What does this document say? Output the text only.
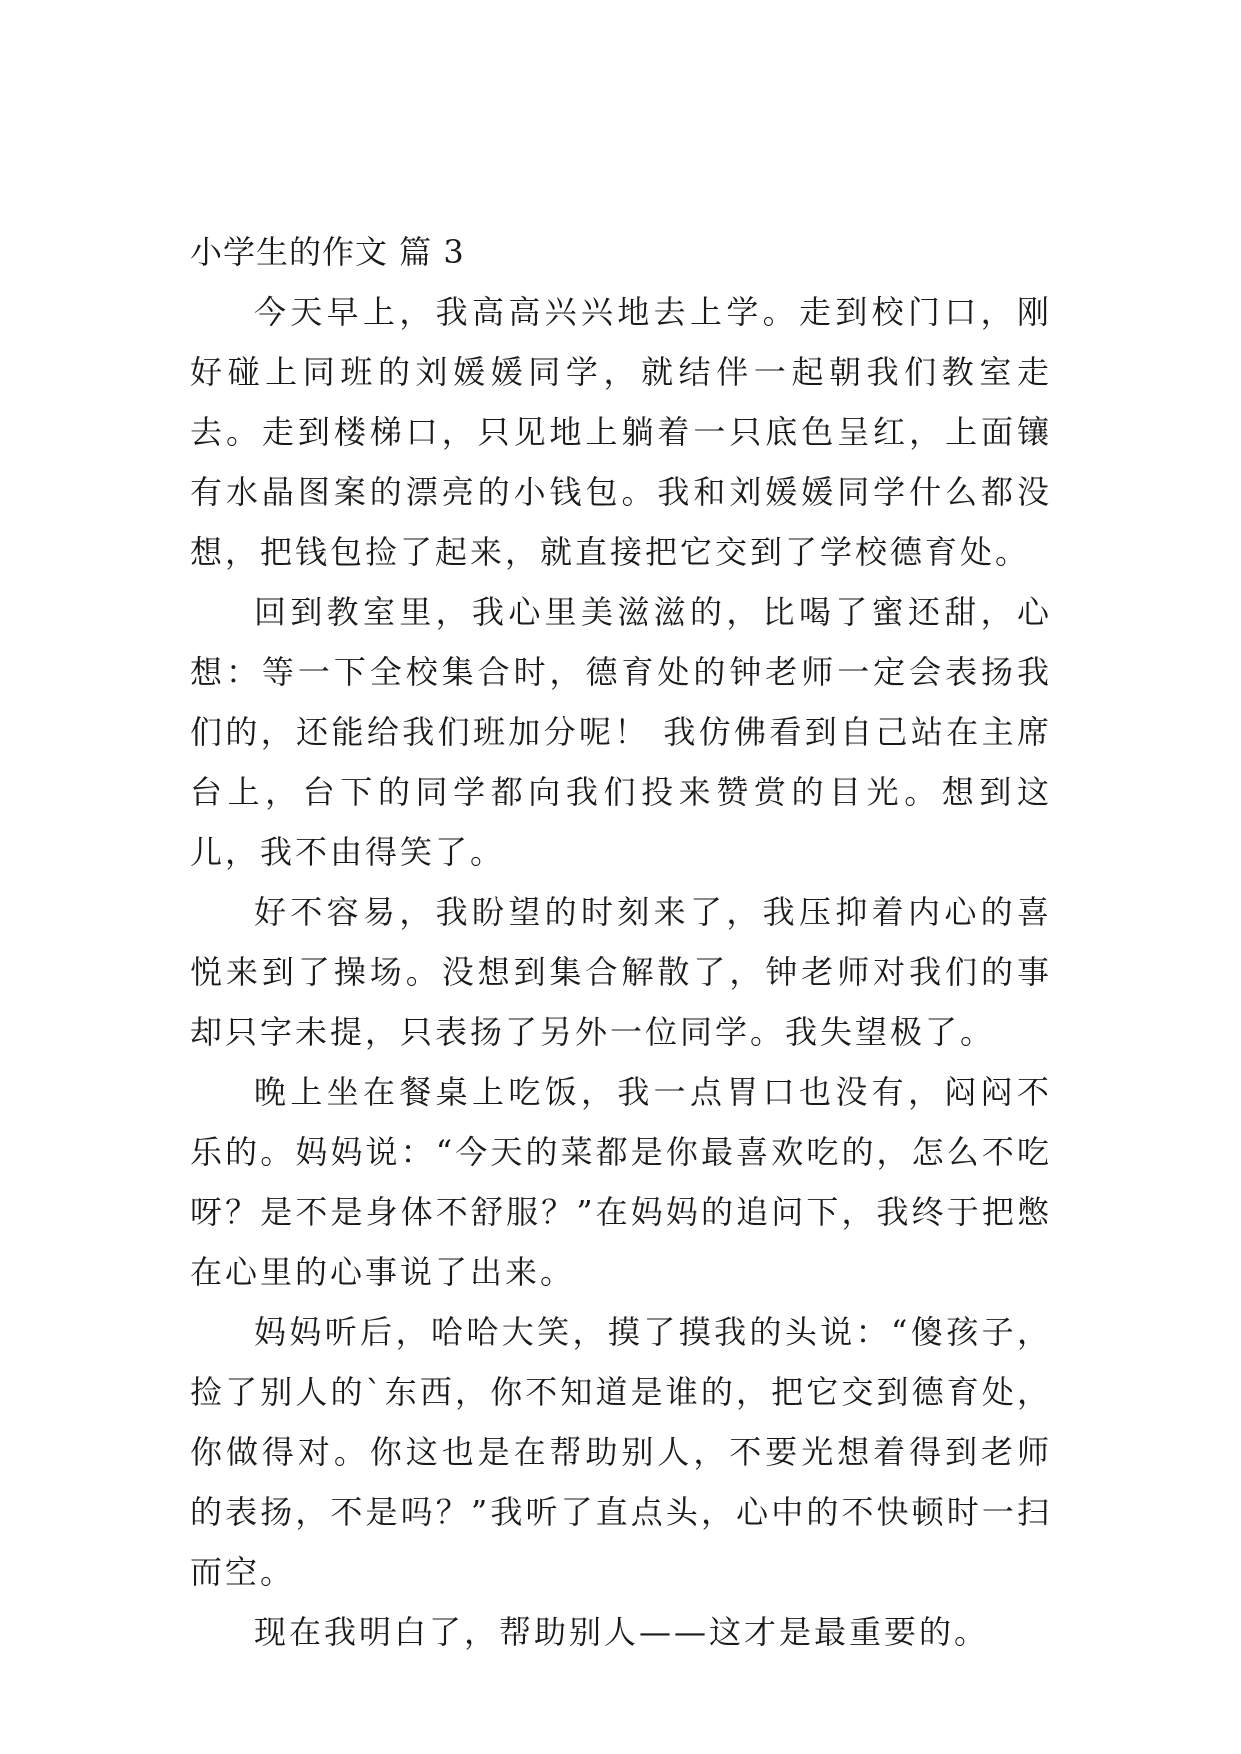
小学生的作文 篇 3

今天早上，我高高兴兴地去上学。走到校门口，刚好碰上同班的刘媛媛同学，就结伴一起朝我们教室走去。走到楼梯口，只见地上躺着一只底色呈红，上面镶有水晶图案的漂亮的小钱包。我和刘媛媛同学什么都没想，把钱包捡了起来，就直接把它交到了学校德育处。

回到教室里，我心里美滋滋的，比喝了蜜还甜，心想：等一下全校集合时，德育处的钟老师一定会表扬我们的，还能给我们班加分呢！ 我仿佛看到自己站在主席台上，台下的同学都向我们投来赞赏的目光。想到这儿，我不由得笑了。

好不容易，我盼望的时刻来了，我压抑着内心的喜悦来到了操场。没想到集合解散了，钟老师对我们的事却只字未提，只表扬了另外一位同学。我失望极了。

晚上坐在餐桌上吃饭，我一点胃口也没有，闷闷不乐的。妈妈说：“今天的菜都是你最喜欢吃的，怎么不吃呀？是不是身体不舒服？”在妈妈的追问下，我终于把憋在心里的心事说了出来。

妈妈听后，哈哈大笑，摸了摸我的头说：“傻孩子，捡了别人的`东西，你不知道是谁的，把它交到德育处，你做得对。你这也是在帮助别人，不要光想着得到老师的表扬，不是吗？”我听了直点头，心中的不快顿时一扫而空。

现在我明白了，帮助别人——这才是最重要的。
